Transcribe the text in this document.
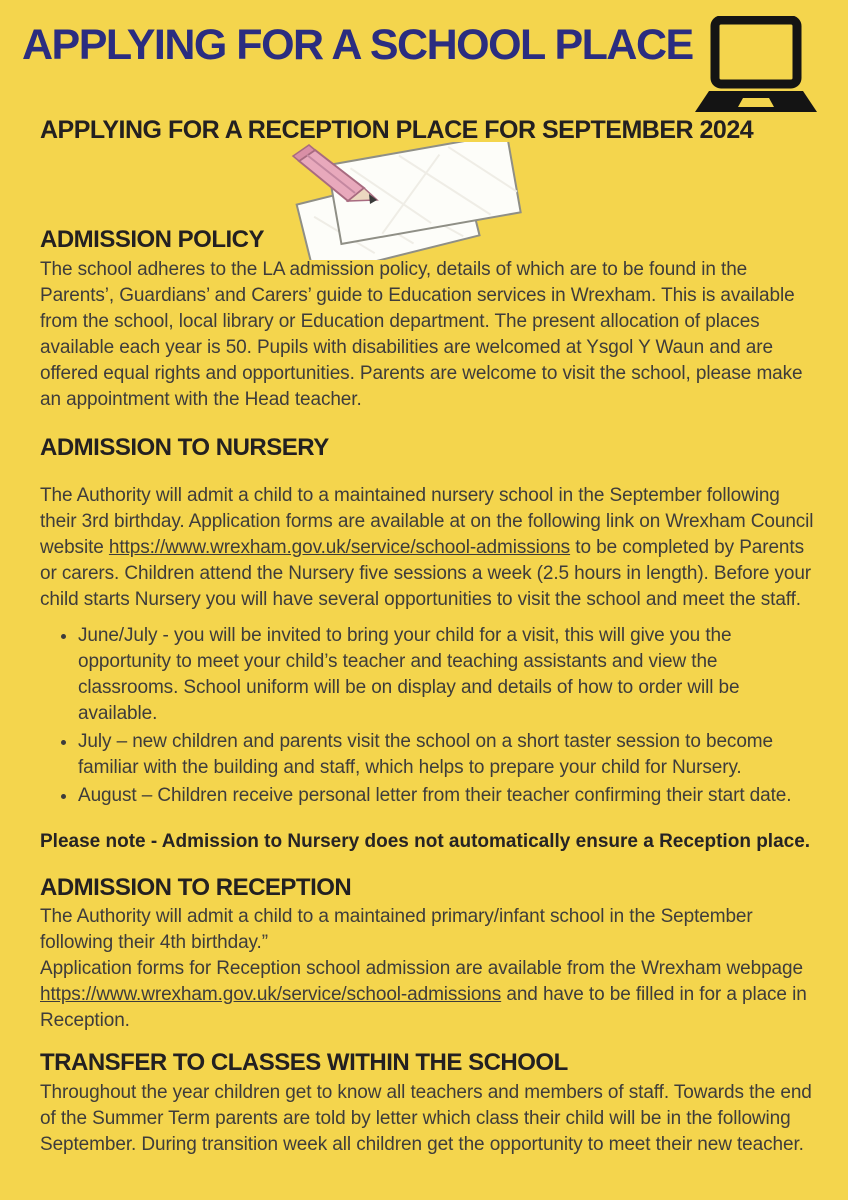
APPLYING FOR A SCHOOL PLACE
APPLYING FOR A RECEPTION PLACE FOR SEPTEMBER 2024
ADMISSION POLICY

The school adheres to the LA admission policy, details of which are to be found in the Parents’, Guardians’ and Carers’ guide to Education services in Wrexham. This is available from the school, local library or Education department. The present allocation of places available each year is 50. Pupils with disabilities are welcomed at Ysgol Y Waun and are offered equal rights and opportunities. Parents are welcome to visit the school, please make an appointment with the Head teacher.

ADMISSION TO NURSERY

The Authority will admit a child to a maintained nursery school in the September following their 3rd birthday. Application forms are available at on the following link on Wrexham Council website https://www.wrexham.gov.uk/service/school-admissions to be completed by Parents or carers. Children attend the Nursery five sessions a week (2.5 hours in length). Before your child starts Nursery you will have several opportunities to visit the school and meet the staff.

• June/July - you will be invited to bring your child for a visit, this will give you the opportunity to meet your child’s teacher and teaching assistants and view the classrooms. School uniform will be on display and details of how to order will be available.
• July – new children and parents visit the school on a short taster session to become familiar with the building and staff, which helps to prepare your child for Nursery.
• August – Children receive personal letter from their teacher confirming their start date.

Please note - Admission to Nursery does not automatically ensure a Reception place.

ADMISSION TO RECEPTION

The Authority will admit a child to a maintained primary/infant school in the September following their 4th birthday.”
Application forms for Reception school admission are available from the Wrexham webpage https://www.wrexham.gov.uk/service/school-admissions and have to be filled in for a place in Reception.

TRANSFER TO CLASSES WITHIN THE SCHOOL

Throughout the year children get to know all teachers and members of staff. Towards the end of the Summer Term parents are told by letter which class their child will be in the following September. During transition week all children get the opportunity to meet their new teacher.
